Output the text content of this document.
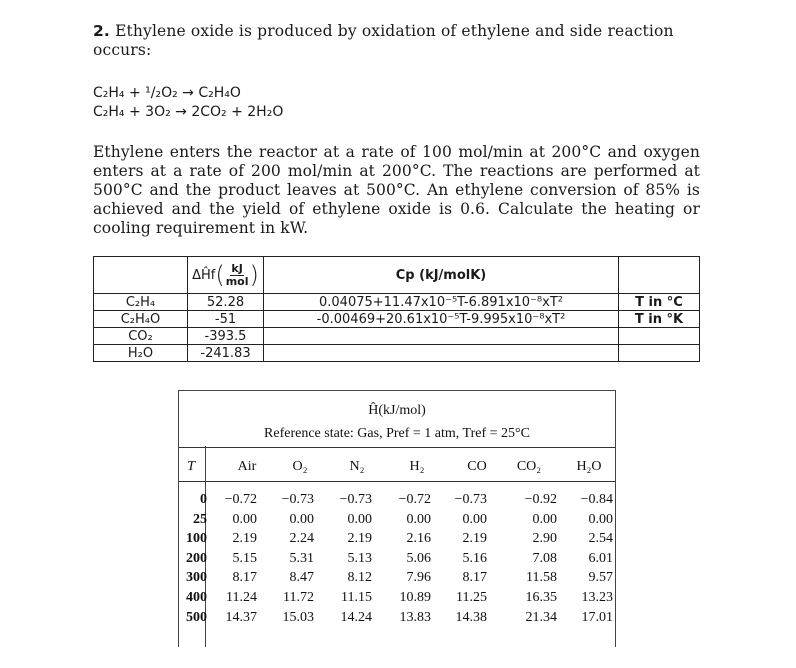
2. Ethylene oxide is produced by oxidation of ethylene and side reaction occurs:
C₂H₄ + ¹/₂O₂ → C₂H₄O
C₂H₄ + 3O₂ → 2CO₂ + 2H₂O
Ethylene enters the reactor at a rate of 100 mol/min at 200°C and oxygen enters at a rate of 200 mol/min at 200°C. The reactions are performed at 500°C and the product leaves at 500°C. An ethylene conversion of 85% is achieved and the yield of ethylene oxide is 0.6. Calculate the heating or cooling requirement in kW.

	ΔĤf ( $\frac{kJ}{\text{mol}}$ )	Cp (kJ/molK)	
C₂H₄	52.28	0.04075+11.47x10⁻⁵T-6.891x10⁻⁸xT²	T in °C
C₂H₄O	-51	-0.00469+20.61x10⁻⁵T-9.995x10⁻⁸xT²	T in °K
CO₂	-393.5		
H₂O	-241.83		
Ĥ(kJ/mol)
Reference state: Gas, Pref = 1 atm, Tref = 25°C
T	Air	O₂	N₂	H₂	CO	CO₂	H₂O
0	−0.72	−0.73	−0.73	−0.72	−0.73	−0.92	−0.84
25	0.00	0.00	0.00	0.00	0.00	0.00	0.00
100	2.19	2.24	2.19	2.16	2.19	2.90	2.54
200	5.15	5.31	5.13	5.06	5.16	7.08	6.01
300	8.17	8.47	8.12	7.96	8.17	11.58	9.57
400	11.24	11.72	11.15	10.89	11.25	16.35	13.23
500	14.37	15.03	14.24	13.83	14.38	21.34	17.01
